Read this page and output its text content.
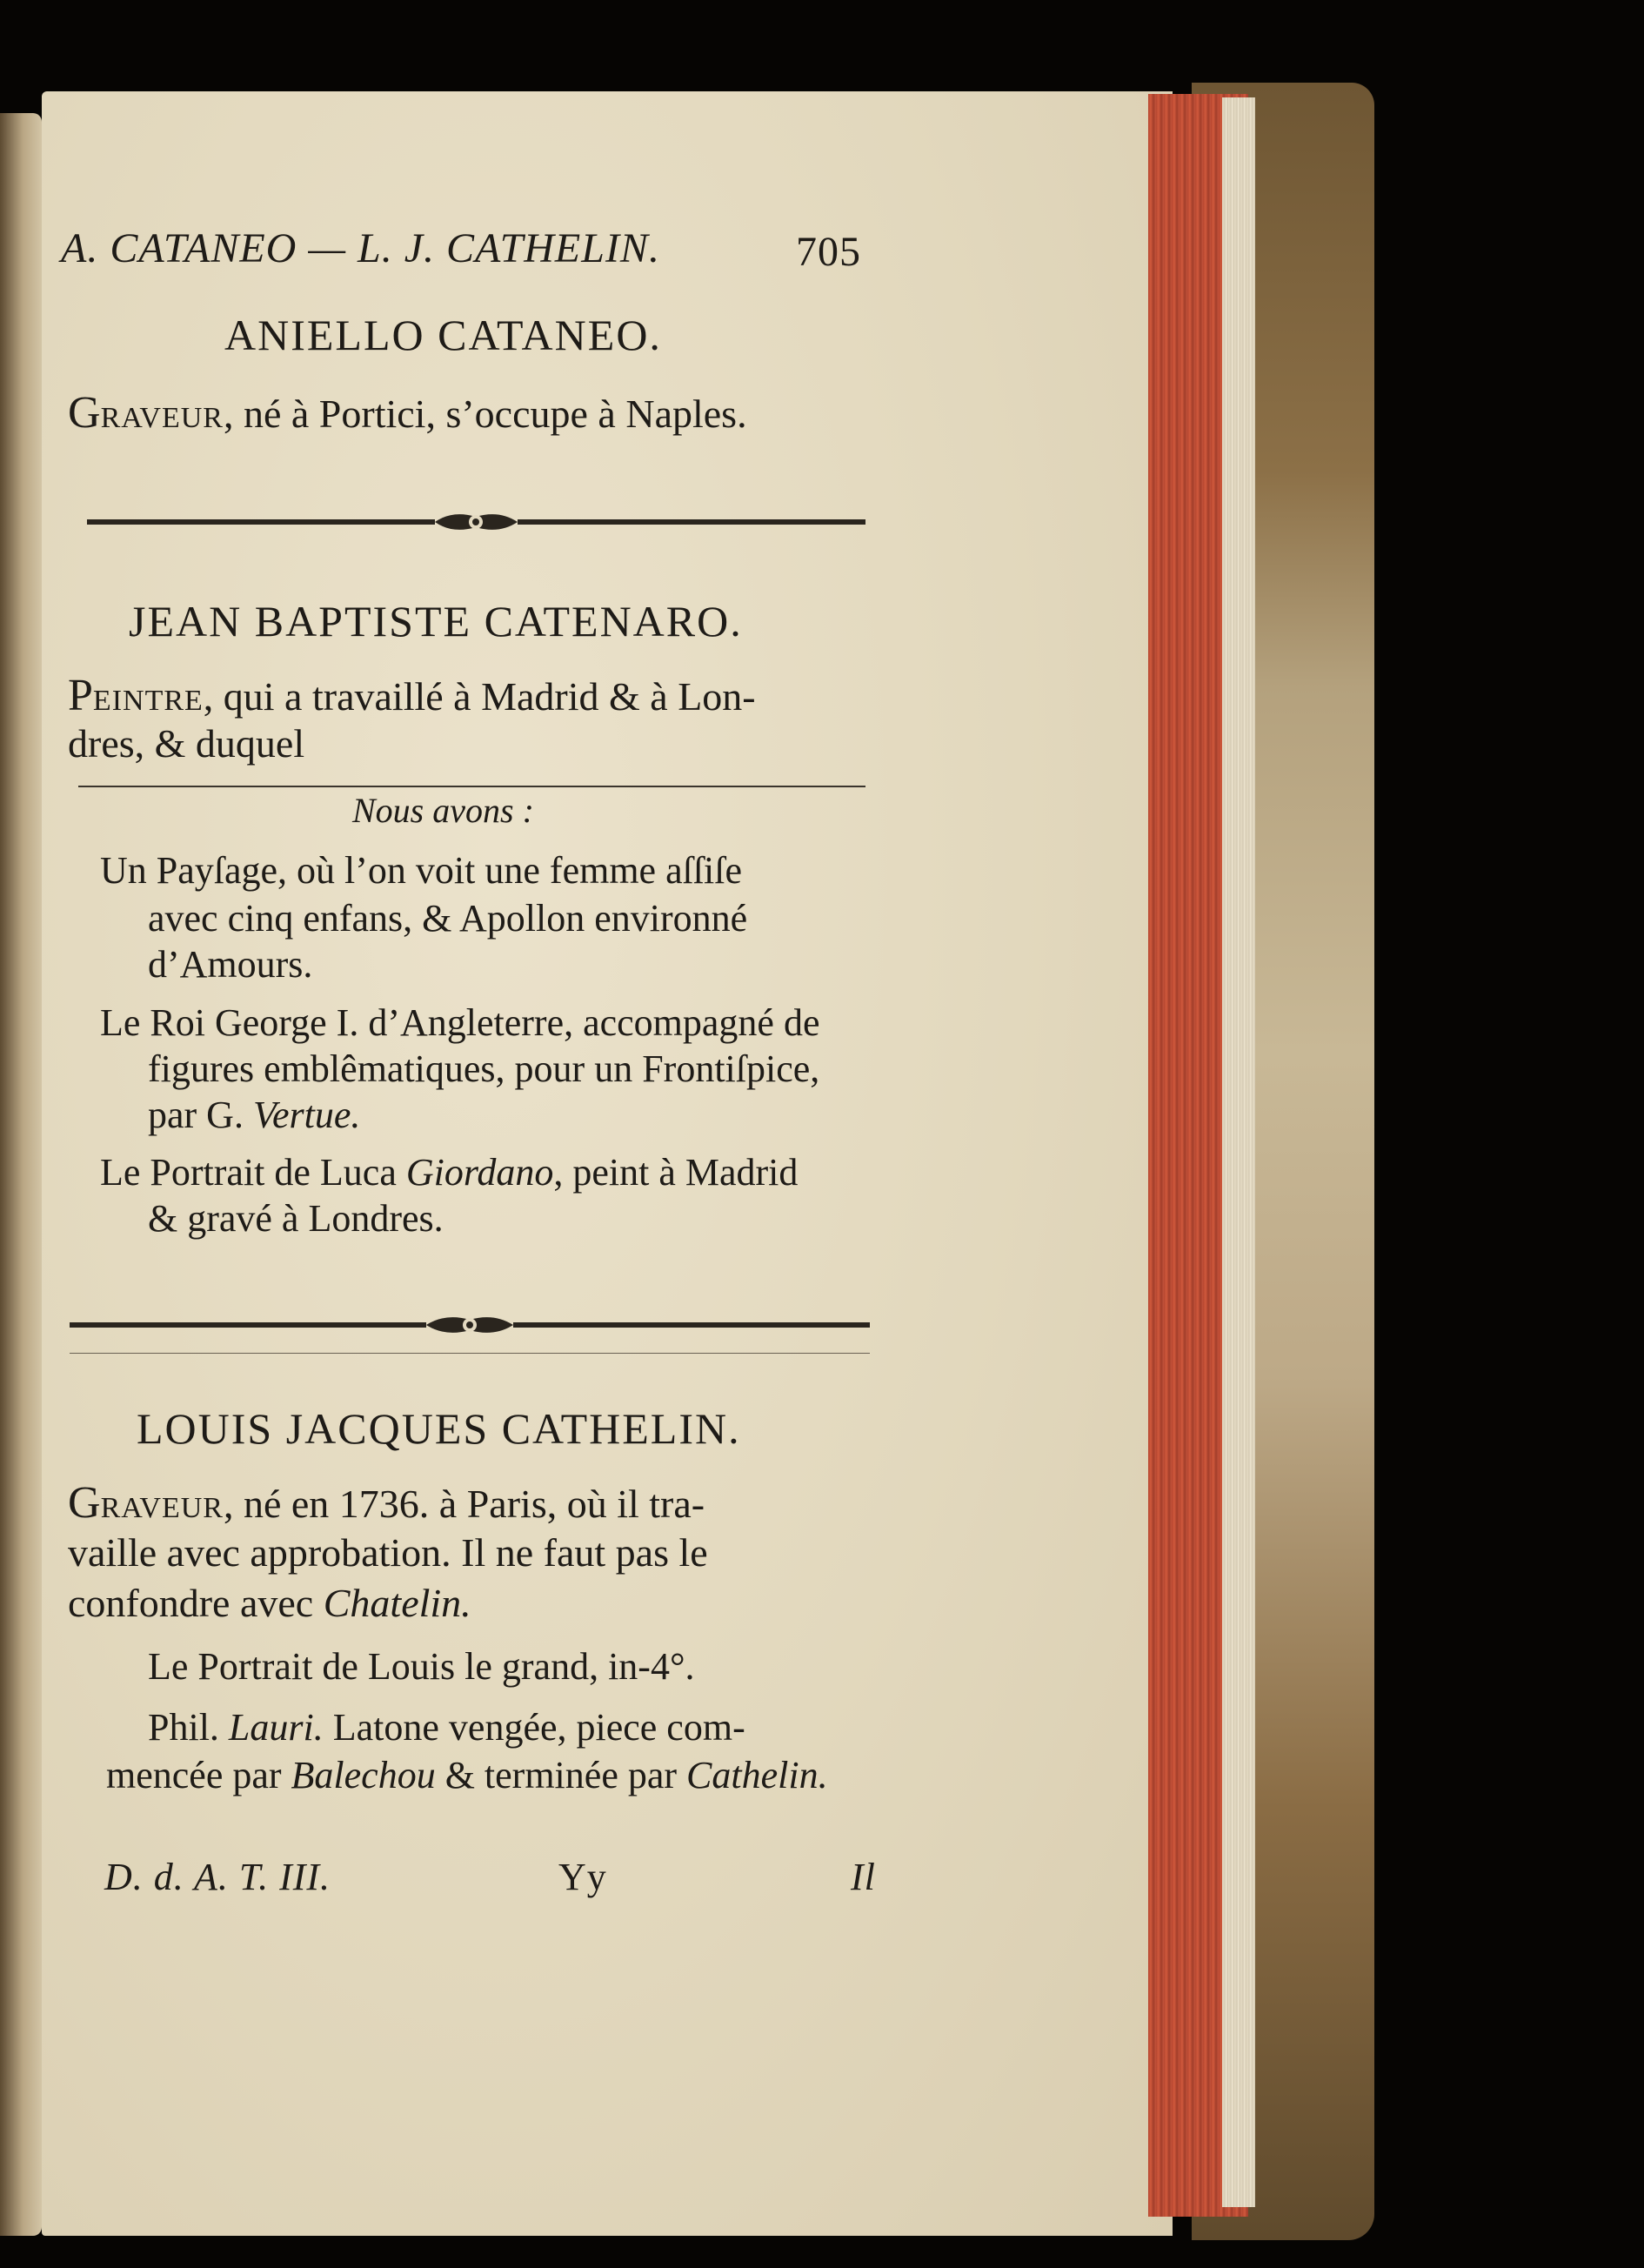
A. CATANEO — L. J. CATHELIN.	705
ANIELLO CATANEO.
GRAVEUR, né à Portici, s’occupe à Naples.
JEAN BAPTISTE CATENARO.
PEINTRE, qui a travaillé à Madrid & à Lon-
dres, & duquel
Nous avons :
Un Payſage, où l’on voit une femme aſſiſe
avec cinq enfans, & Apollon environné
d’Amours.
Le Roi George I. d’Angleterre, accompagné de
figures emblêmatiques, pour un Frontiſpice,
par G. Vertue.
Le Portrait de Luca Giordano, peint à Madrid
& gravé à Londres.
LOUIS JACQUES CATHELIN.
GRAVEUR, né en 1736. à Paris, où il tra-
vaille avec approbation. Il ne faut pas le
confondre avec Chatelin.
Le Portrait de Louis le grand, in-4°.
Phil. Lauri. Latone vengée, piece com-
mencée par Balechou & terminée par Cathelin.
D. d. A. T. III.	Yy	Il
